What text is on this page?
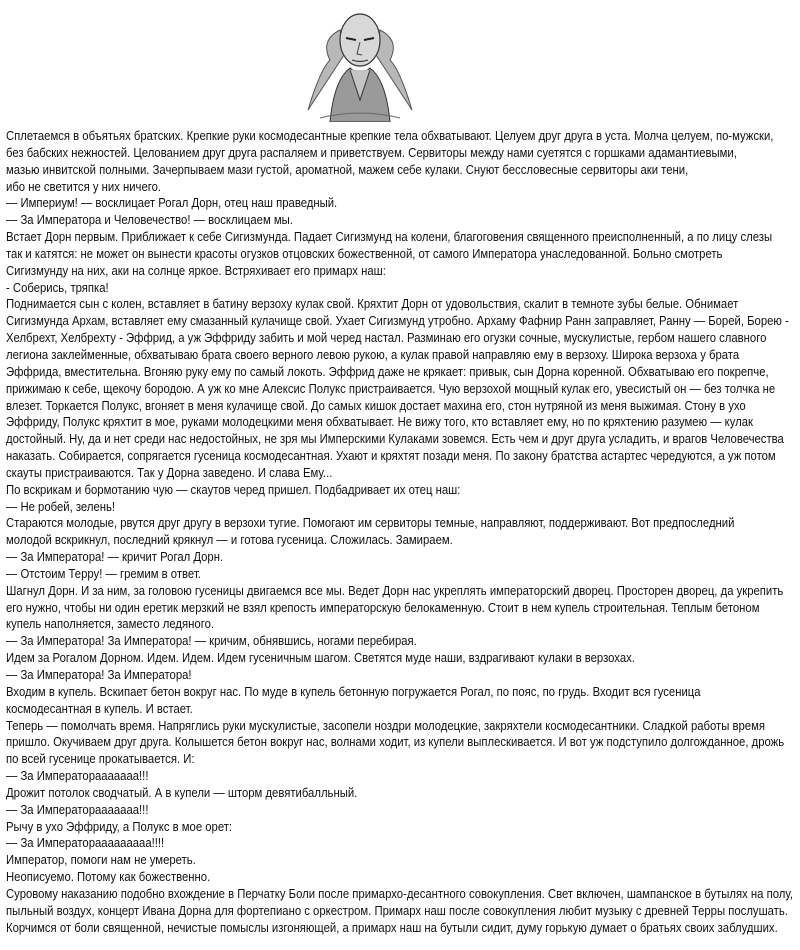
Сплетаемся в объятьях братских. Крепкие руки космодесантные крепкие тела обхватывают. Целуем друг друга в уста. Молча целуем, по-мужски,
без бабских нежностей. Целованием друг друга распаляем и приветствуем. Сервиторы между нами суетятся с горшками адамантиевыми,
мазью инвитской полными. Зачерпываем мази густой, ароматной, мажем себе кулаки. Снуют бессловесные сервиторы аки тени,
ибо не светится у них ничего.
— Империум! — восклицает Рогал Дорн, отец наш праведный.
— За Императора и Человечество! — восклицаем мы.
Встает Дорн первым. Приближает к себе Сигизмунда. Падает Сигизмунд на колени, благоговения священного преисполненный, а по лицу слезы
так и катятся: не может он вынести красоты огузков отцовских божественной, от самого Императора унаследованной. Больно смотреть
Сигизмунду на них, аки на солнце яркое. Встряхивает его примарх наш:
- Соберись, тряпка!
Поднимается сын с колен, вставляет в батину верзоху кулак свой. Кряхтит Дорн от удовольствия, скалит в темноте зубы белые. Обнимает
Сигизмунда Архам, вставляет ему смазанный кулачище свой. Ухает Сигизмунд утробно. Архаму Фафнир Ранн заправляет, Ранну — Борей, Борею -
Хелбрехт, Хелбрехту - Эффрид, а уж Эффриду забить и мой черед настал. Разминаю его огузки сочные, мускулистые, гербом нашего славного
легиона заклейменные, обхватываю брата своего верного левою рукою, а кулак правой направляю ему в верзоху. Широка верзоха у брата
Эффрида, вместительна. Вгоняю руку ему по самый локоть. Эффрид даже не крякает: привык, сын Дорна коренной. Обхватываю его покрепче,
прижимаю к себе, щекочу бородою. А уж ко мне Алексис Полукс пристраивается. Чую верзохой мощный кулак его, увесистый он — без толчка не
влезет. Торкается Полукс, вгоняет в меня кулачище свой. До самых кишок достает махина его, стон нутряной из меня выжимая. Стону в ухо
Эффриду, Полукс кряхтит в мое, руками молодецкими меня обхватывает. Не вижу того, кто вставляет ему, но по кряхтению разумею — кулак
достойный. Ну, да и нет среди нас недостойных, не зря мы Имперскими Кулаками зовемся. Есть чем и друг друга усладить, и врагов Человечества
наказать. Собирается, сопрягается гусеница космодесантная. Ухают и кряхтят позади меня. По закону братства астартес чередуются, а уж потом
скауты пристраиваются. Так у Дорна заведено. И слава Ему...
По вскрикам и бормотанию чую — скаутов черед пришел. Подбадривает их отец наш:
— Не робей, зелень!
Стараются молодые, рвутся друг другу в верзохи тугие. Помогают им сервиторы темные, направляют, поддерживают. Вот предпоследний
молодой вскрикнул, последний крякнул — и готова гусеница. Сложилась. Замираем.
— За Императора! — кричит Рогал Дорн.
— Отстоим Терру! — гремим в ответ.
Шагнул Дорн. И за ним, за головою гусеницы двигаемся все мы. Ведет Дорн нас укреплять императорский дворец. Просторен дворец, да укрепить
его нужно, чтобы ни один еретик мерзкий не взял крепость императорскую белокаменную. Стоит в нем купель строительная. Теплым бетоном
купель наполняется, заместо ледяного.
— За Императора! За Императора! — кричим, обнявшись, ногами перебирая.
Идем за Рогалом Дорном. Идем. Идем. Идем гусеничным шагом. Светятся муде наши, вздрагивают кулаки в верзохах.
— За Императора! За Императора!
Входим в купель. Вскипает бетон вокруг нас. По муде в купель бетонную погружается Рогал, по пояс, по грудь. Входит вся гусеница
космодесантная в купель. И встает.
Теперь — помолчать время. Напряглись руки мускулистые, засопели ноздри молодецкие, закряхтели космодесантники. Сладкой работы время
пришло. Окучиваем друг друга. Колышется бетон вокруг нас, волнами ходит, из купели выплескивается. И вот уж подступило долгожданное, дрожь
по всей гусенице прокатывается. И:
— За Императорааааааа!!!
Дрожит потолок сводчатый. А в купели — шторм девятибалльный.
— За Императорааааааа!!!
Рычу в ухо Эффриду, а Полукс в мое орет:
— За Императорааааааааа!!!!
Император, помоги нам не умереть.
Неописуемо. Потому как божественно.
Суровому наказанию подобно вхождение в Перчатку Боли после примархо-десантного совокупления. Свет включен, шампанское в бутылях на полу,
пыльный воздух, концерт Ивана Дорна для фортепиано с оркестром. Примарх наш после совокупления любит музыку с древней Терры послушать.
Корчимся от боли священной, нечистые помыслы изгоняющей, а примарх наш на бутыли сидит, думу горькую думает о братьях своих заблудших.
